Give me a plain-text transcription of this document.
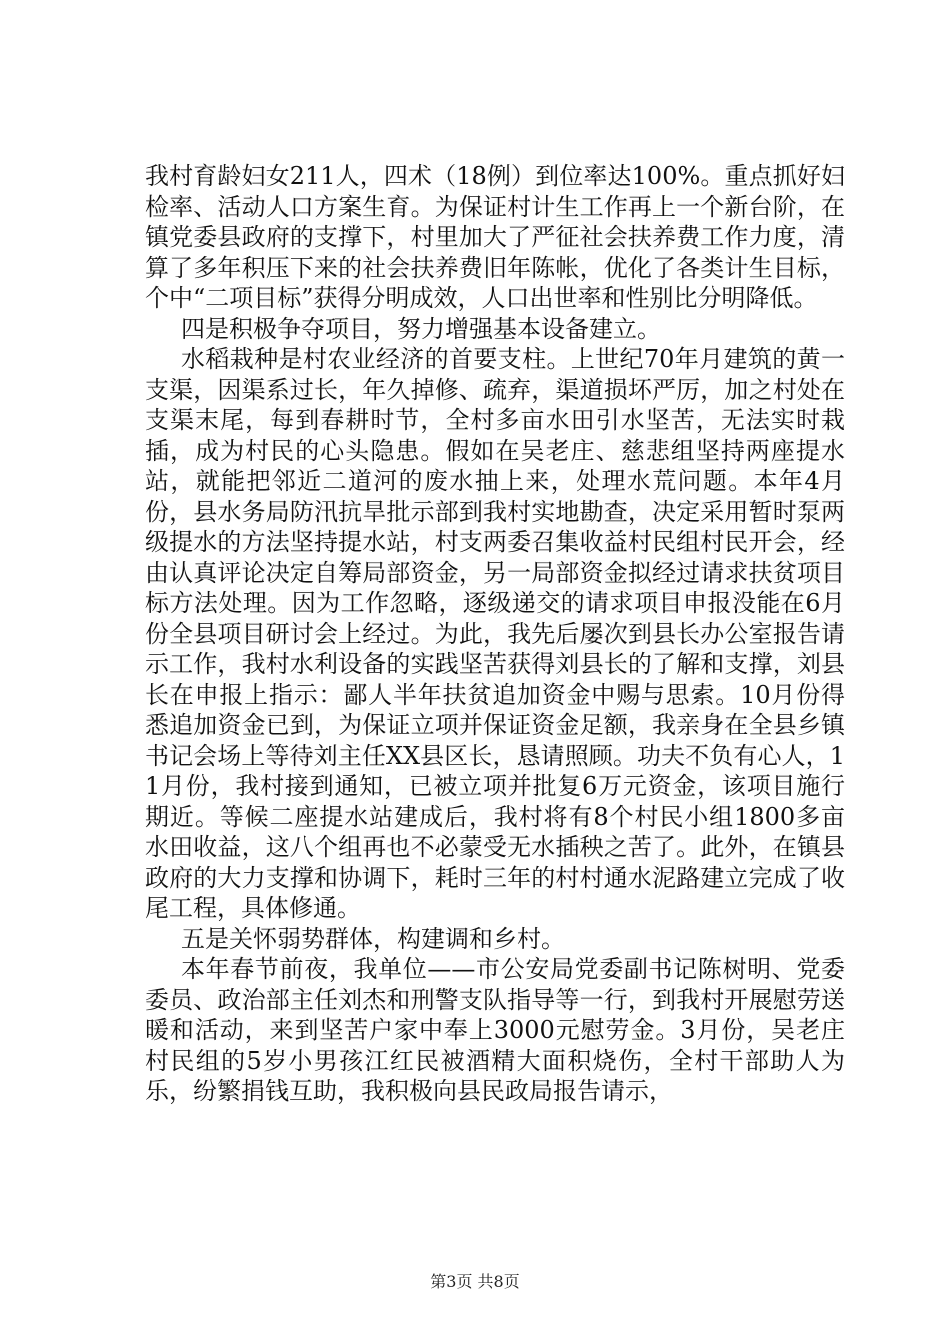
我村育龄妇女211人，四术（18例）到位率达100%。重点抓好妇检率、活动人口方案生育。为保证村计生工作再上一个新台阶，在镇党委县政府的支撑下，村里加大了严征社会扶养费工作力度，清算了多年积压下来的社会扶养费旧年陈帐，优化了各类计生目标，个中“二项目标”获得分明成效，人口出世率和性别比分明降低。

四是积极争夺项目，努力增强基本设备建立。

水稻栽种是村农业经济的首要支柱。上世纪70年月建筑的黄一支渠，因渠系过长，年久掉修、疏弃，渠道损坏严厉，加之村处在支渠末尾，每到春耕时节，全村多亩水田引水坚苦，无法实时栽插，成为村民的心头隐患。假如在吴老庄、慈悲组坚持两座提水站，就能把邻近二道河的废水抽上来，处理水荒问题。本年4月份，县水务局防汛抗旱批示部到我村实地勘查，决定采用暂时泵两级提水的方法坚持提水站，村支两委召集收益村民组村民开会，经由认真评论决定自筹局部资金，另一局部资金拟经过请求扶贫项目标方法处理。因为工作忽略，逐级递交的请求项目申报没能在6月份全县项目研讨会上经过。为此，我先后屡次到县长办公室报告请示工作，我村水利设备的实践坚苦获得刘县长的了解和支撑，刘县长在申报上指示：鄙人半年扶贫追加资金中赐与思索。10月份得悉追加资金已到，为保证立项并保证资金足额，我亲身在全县乡镇书记会场上等待刘主任XX县区长，恳请照顾。功夫不负有心人，11月份，我村接到通知，已被立项并批复6万元资金，该项目施行期近。等候二座提水站建成后，我村将有8个村民小组1800多亩水田收益，这八个组再也不必蒙受无水插秧之苦了。此外，在镇县政府的大力支撑和协调下，耗时三年的村村通水泥路建立完成了收尾工程，具体修通。

五是关怀弱势群体，构建调和乡村。

本年春节前夜，我单位——市公安局党委副书记陈树明、党委委员、政治部主任刘杰和刑警支队指导等一行，到我村开展慰劳送暖和活动，来到坚苦户家中奉上3000元慰劳金。3月份，吴老庄村民组的5岁小男孩江红民被酒精大面积烧伤，全村干部助人为乐，纷繁捐钱互助，我积极向县民政局报告请示，

第3页 共8页
